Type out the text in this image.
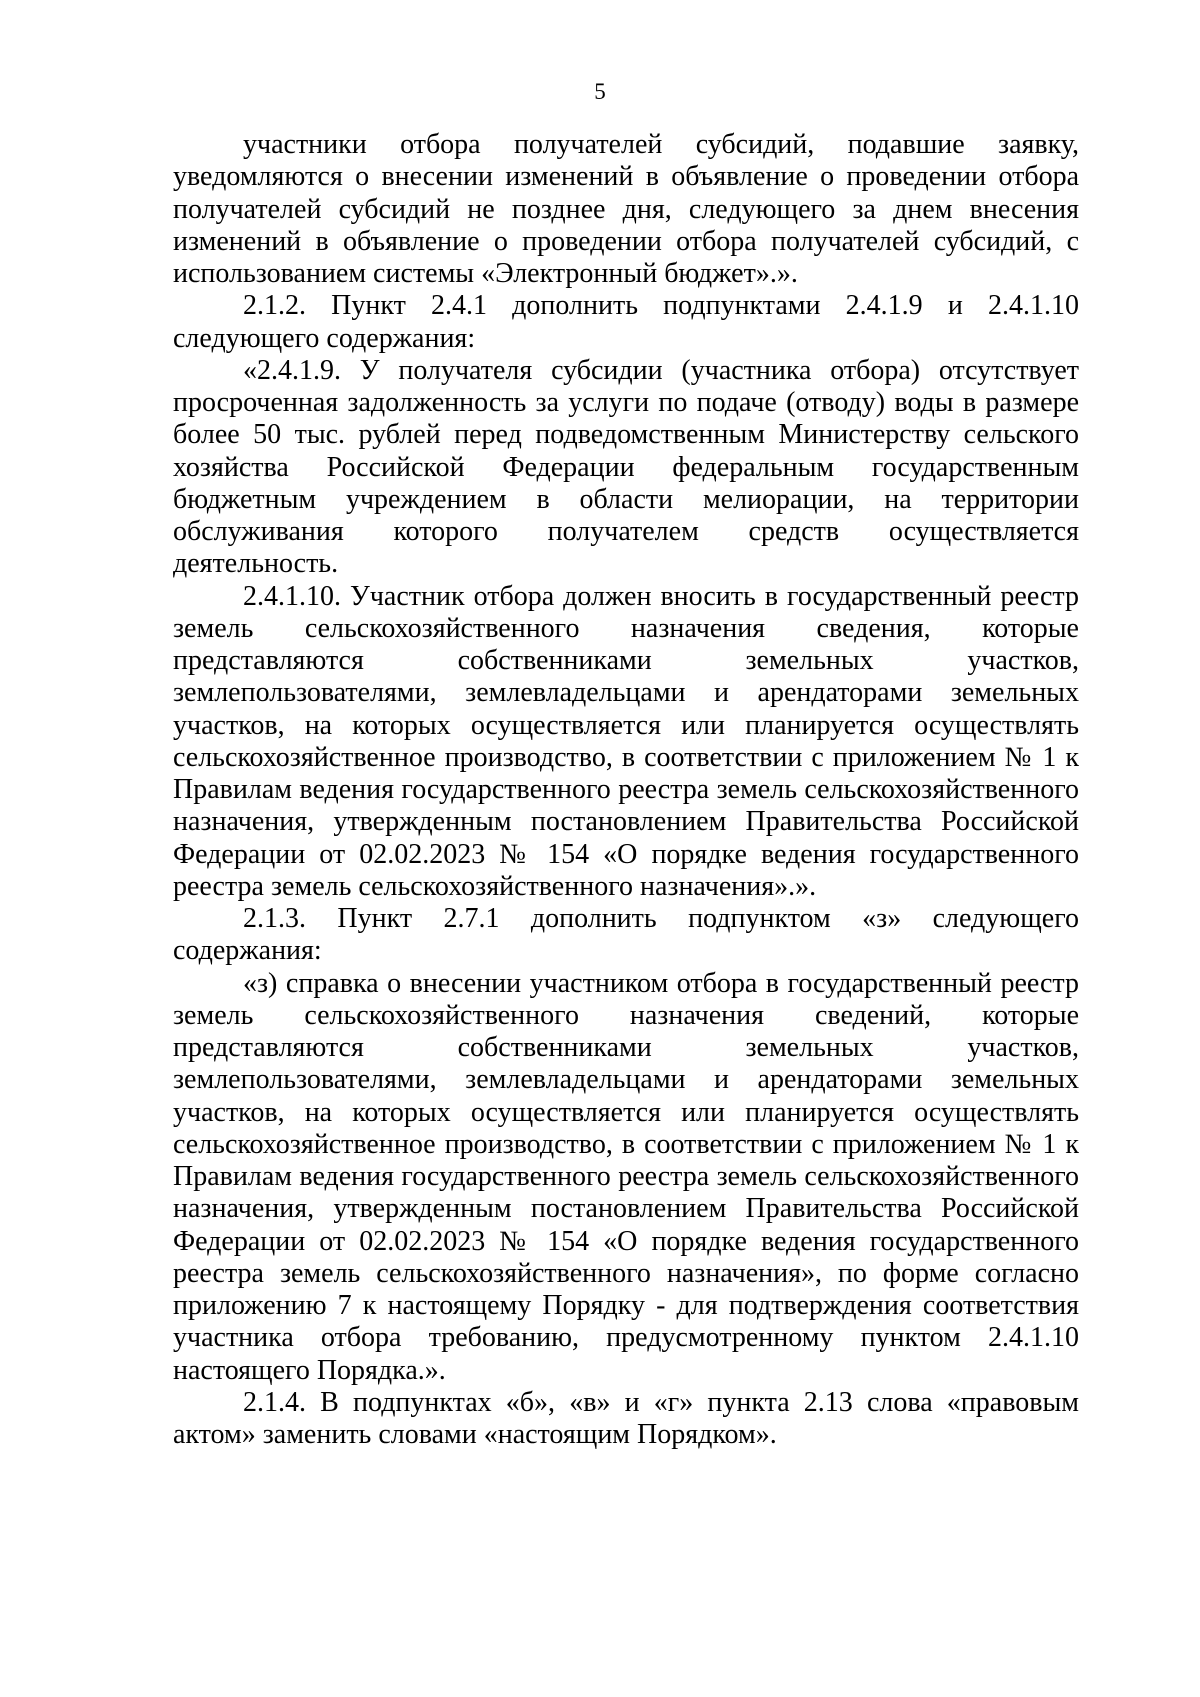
5

участники отбора получателей субсидий, подавшие заявку, уведомляются о внесении изменений в объявление о проведении отбора получателей субсидий не позднее дня, следующего за днем внесения изменений в объявление о проведении отбора получателей субсидий, с использованием системы «Электронный бюджет».».

2.1.2. Пункт 2.4.1 дополнить подпунктами 2.4.1.9 и 2.4.1.10 следующего содержания:

«2.4.1.9. У получателя субсидии (участника отбора) отсутствует просроченная задолженность за услуги по подаче (отводу) воды в размере более 50 тыс. рублей перед подведомственным Министерству сельского хозяйства Российской Федерации федеральным государственным бюджетным учреждением в области мелиорации, на территории обслуживания которого получателем средств осуществляется деятельность.

2.4.1.10. Участник отбора должен вносить в государственный реестр земель сельскохозяйственного назначения сведения, которые представляются собственниками земельных участков, землепользователями, землевладельцами и арендаторами земельных участков, на которых осуществляется или планируется осуществлять сельскохозяйственное производство, в соответствии с приложением № 1 к Правилам ведения государственного реестра земель сельскохозяйственного назначения, утвержденным постановлением Правительства Российской Федерации от 02.02.2023 № 154 «О порядке ведения государственного реестра земель сельскохозяйственного назначения».».

2.1.3. Пункт 2.7.1 дополнить подпунктом «з» следующего содержания:

«з) справка о внесении участником отбора в государственный реестр земель сельскохозяйственного назначения сведений, которые представляются собственниками земельных участков, землепользователями, землевладельцами и арендаторами земельных участков, на которых осуществляется или планируется осуществлять сельскохозяйственное производство, в соответствии с приложением № 1 к Правилам ведения государственного реестра земель сельскохозяйственного назначения, утвержденным постановлением Правительства Российской Федерации от 02.02.2023 № 154 «О порядке ведения государственного реестра земель сельскохозяйственного назначения», по форме согласно приложению 7 к настоящему Порядку - для подтверждения соответствия участника отбора требованию, предусмотренному пунктом 2.4.1.10 настоящего Порядка.».

2.1.4. В подпунктах «б», «в» и «г» пункта 2.13 слова «правовым актом» заменить словами «настоящим Порядком».
